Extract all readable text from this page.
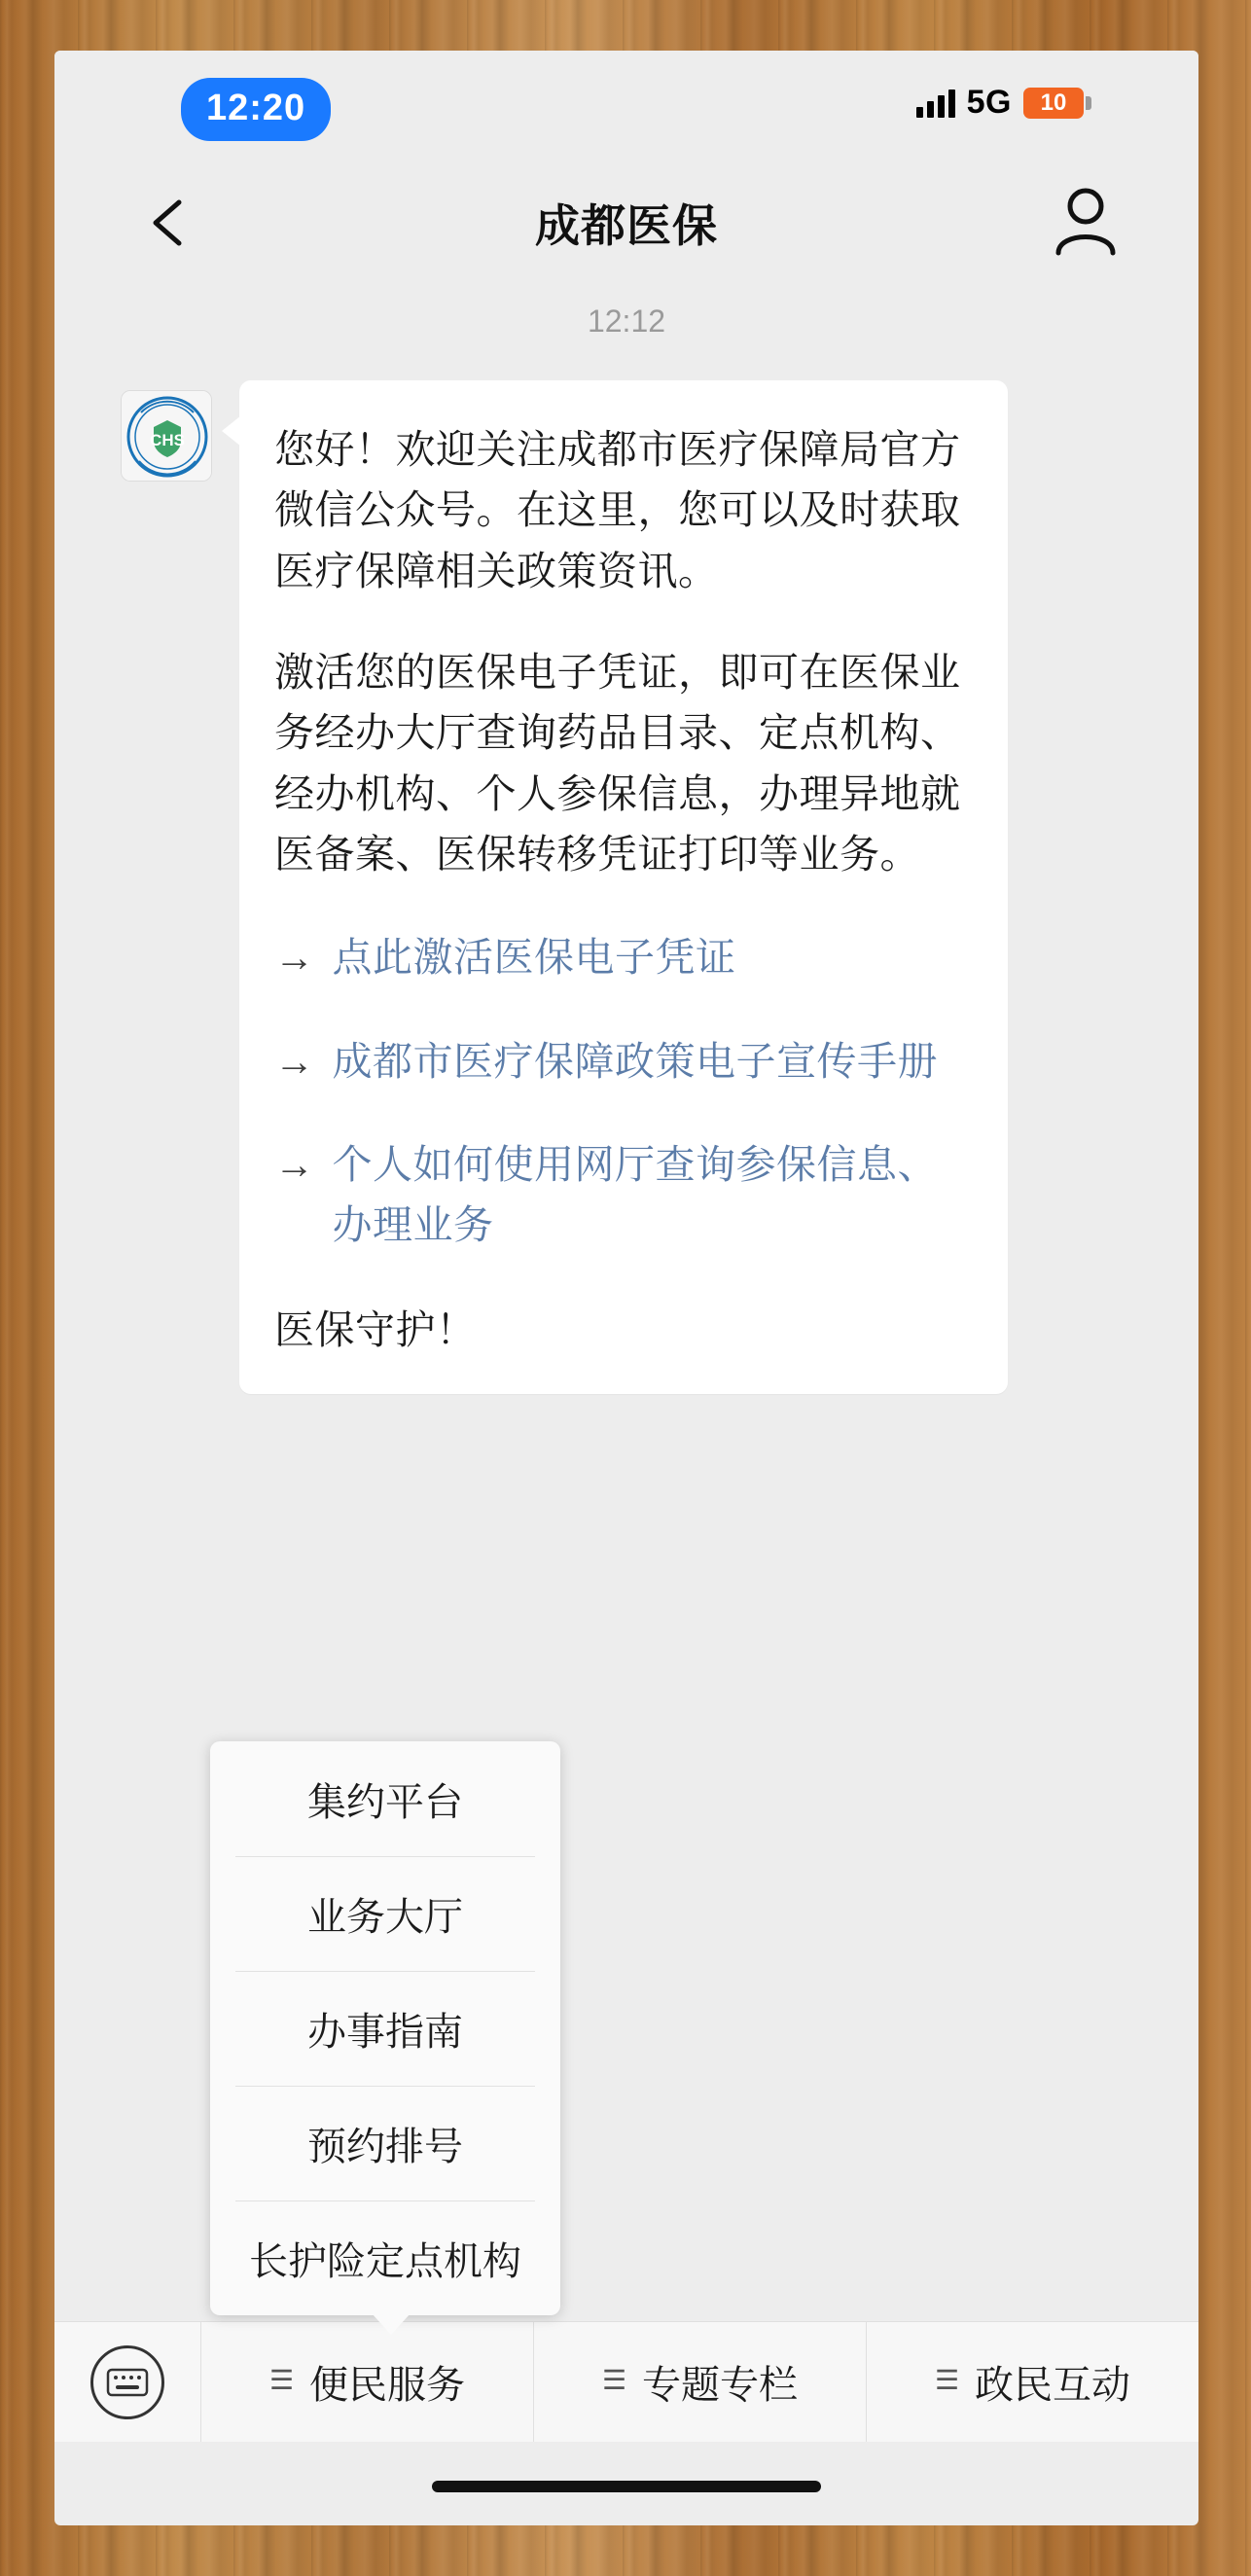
12:20	5G 10
成都医保
12:12
CHS 您好！欢迎关注成都市医疗保障局官方微信公众号。在这里，您可以及时获取医疗保障相关政策资讯。
激活您的医保电子凭证，即可在医保业务经办大厅查询药品目录、定点机构、经办机构、个人参保信息，办理异地就医备案、医保转移凭证打印等业务。
→ 点此激活医保电子凭证
→ 成都市医疗保障政策电子宣传手册
→ 个人如何使用网厅查询参保信息、办理业务
医保守护！
集约平台
业务大厅
办事指南
预约排号
长护险定点机构
☰ 便民服务	☰ 专题专栏	☰ 政民互动
